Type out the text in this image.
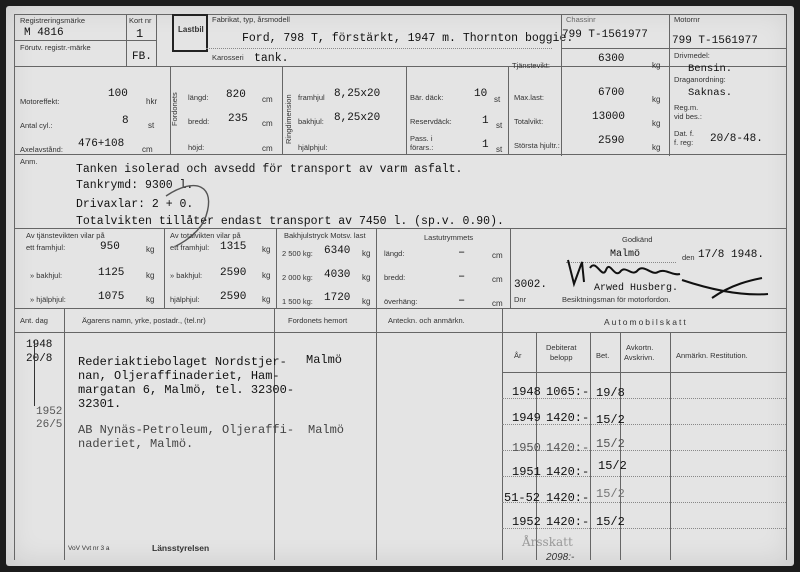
Registreringsmärke
M 4816
Kort nr
1
Förutv. registr.-märke
FB.
Lastbil
Fabrikat, typ, årsmodell
Ford, 798 T, förstärkt, 1947 m. Thornton boggie.
Karosseri tank.
Chassinr
799 T-1561977
Motornr
799 T-1561977
Drivmedel:
Bensin.
Draganordning:
Saknas.
Reg.m.
vid bes.:
Dat. f.
f. reg: 20/8-48.
Tjänstevikt:
6300
kg
Motoreffekt:
100
hkr
Antal cyl.:	8 st
Axelavstånd: 476+108 cm
Fordonets längd: 820 cm
bredd: 235 cm
höjd:	cm
Ringdimension framhjul 8,25x20
bakhjul: 8,25x20
hjälphjul:
Bär. däck:	10 st
Reservdäck:	1 st
Pass. i
förars.:	1 st
Max.last:	6700
kg
Totalvikt:	13000
kg
Största hjultr.:	2590
kg
Anm.
Tanken isolerad och avsedd för transport av varm asfalt.
Tankrymd: 9300 l.
Drivaxlar: 2 + 0.
Totalvikten tillåter endast transport av 7450 l. (sp.v. 0.90).
Av tjänstevikten vilar på
ett framhjul:	950	kg
» bakhjul:	1125	kg
» hjälphjul:	1075	kg
Av totalvikten vilar på
ett framhjul: 1315 kg
» bakhjul: 2590 kg
hjälphjul: 2590 kg
Bakhjulstryck Motsv. last
2 500 kg: 6340 kg
2 000 kg: 4030 kg
1 500 kg: 1720 kg
Lastutrymmets
längd:	–	cm
bredd:	–	cm
överhäng:	–	cm
Godkänd
Malmö	den 17/8 1948.
3002.
Dnr
Arwed Husberg.
Besiktningsman för motorfordon.
Ant. dag	Ägarens namn, yrke, postadr., (tel.nr)	Fordonets hemort	Anteckn. och anmärkn.
1948
20/8 Rederiaktiebolaget Nordstjer-
nan, Oljeraffinaderiet, Ham-
margatan 6, Malmö, tel. 32300-
32301.
Malmö
1952
26/5 AB Nynäs-Petroleum, Oljeraffi-
naderiet, Malmö.
Malmö
VoV Vvt nr 3 a	Länsstyrelsen
Automobilskatt
År
Debiterat
belopp	Bet.
Avkortn.
Avskrivn.	Anmärkn. Restitution.
1948 1065:- 19/8
1949 1420:- 15/2
1950 1420:- 15/2
1951 1420:- 15/2
51-52 1420:- 15/2
1952 1420:- 15/2
Årsskatt
2098:-
